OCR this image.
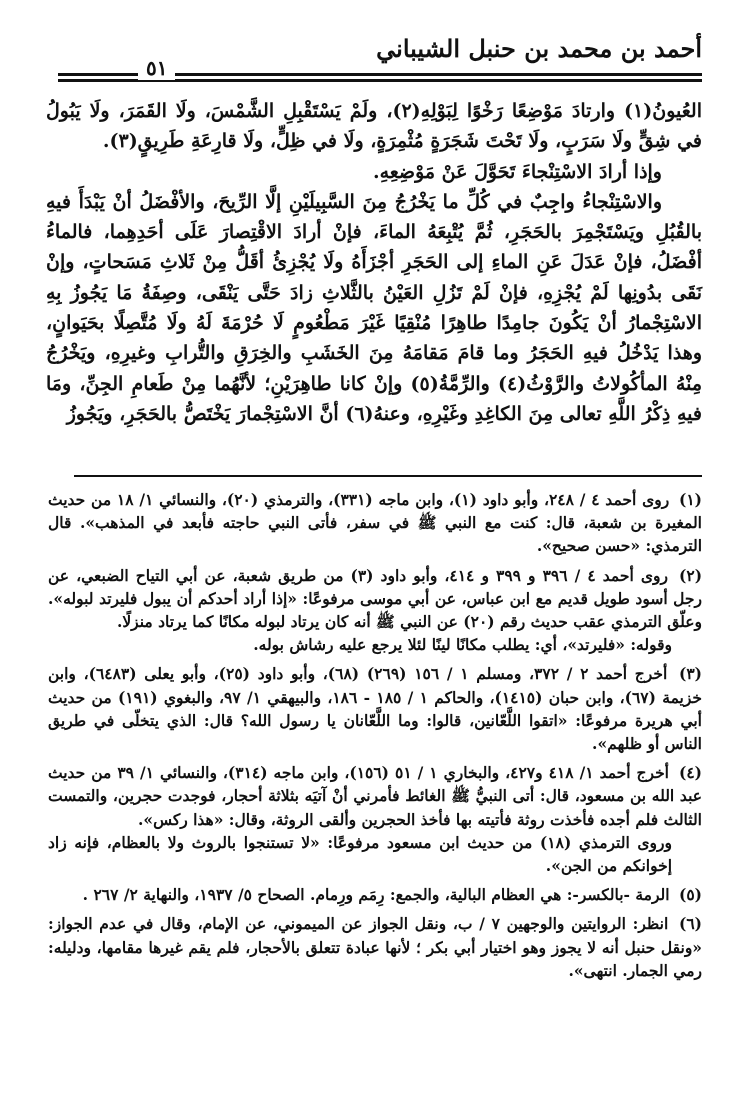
أحمد بن محمد بن حنبل الشيباني
٥١

العُيونُ(١) وارتادَ مَوْضِعًا رَخْوًا لِبَوْلِهِ(٢)، ولَمْ يَسْتَقْبِلِ الشَّمْسَ، ولَا القَمَرَ، ولَا يَبُولُ في شِقٍّ ولَا سَرَبٍ، ولَا تَحْتَ شَجَرَةٍ مُثْمِرَةٍ، ولَا في ظِلٍّ، ولَا قارِعَةِ طَرِيقٍ(٣).

وإذا أرادَ الاسْتِنْجاءَ تَحَوَّلَ عَنْ مَوْضِعِهِ.

والاسْتِنْجاءُ واجِبٌ في كُلِّ ما يَخْرُجُ مِنَ السَّبِيلَيْنِ إلَّا الرِّيحَ، والأفْضَلُ أنْ يَبْدَأَ فيهِ بالقُبُلِ ويَسْتَجْمِرَ بالحَجَرِ، ثُمَّ يُتْبِعَهُ الماءَ، فإنْ أرادَ الاقْتِصارَ عَلَى أحَدِهِما، فالماءُ أفْضَلُ، فإنْ عَدَلَ عَنِ الماءِ إلى الحَجَرِ أجْزَأَهُ ولَا يُجْزِئُ أقَلُّ مِنْ ثَلاثِ مَسَحاتٍ، وإنْ نَقَى بدُونِها لَمْ يُجْزِهِ، فإنْ لَمْ تَزُلِ العَيْنُ بالثَّلاثِ زادَ حَتَّى يَنْقَى، وصِفَةُ مَا يَجُوزُ بِهِ الاسْتِجْمارُ أنْ يَكُونَ جامِدًا طاهِرًا مُنْقِيًا غَيْرَ مَطْعُومٍ لَا حُرْمَةَ لَهُ ولَا مُتَّصِلًا بحَيَوانٍ، وهذا يَدْخُلُ فيهِ الحَجَرُ وما قامَ مَقامَهُ مِنَ الخَشَبِ والخِرَقِ والتُّرابِ وغيرِهِ، ويَخْرُجُ مِنْهُ المأكُولاتُ والرَّوْثُ(٤) والرِّمَّةُ(٥) وإنْ كانا طاهِرَيْنِ؛ لأنَّهُما مِنْ طَعامِ الجِنِّ، ومَا فيهِ ذِكْرُ اللَّهِ تعالى مِنَ الكاغِدِ وغَيْرِهِ، وعنهُ(٦) أنَّ الاسْتِجْمارَ يَخْتَصُّ بالحَجَرِ، ويَجُوزُ

(١) روى أحمد ٤ / ٢٤٨، وأبو داود (١)، وابن ماجه (٣٣١)، والترمذي (٢٠)، والنسائي ١/ ١٨ من حديث المغيرة بن شعبة، قال: كنت مع النبي ﷺ في سفر، فأتى النبي حاجته فأبعد في المذهب». قال الترمذي: «حسن صحيح».
(٢) روى أحمد ٤ / ٣٩٦ و ٣٩٩ و ٤١٤، وأبو داود (٣) من طريق شعبة، عن أبي التياح الضبعي، عن رجل أسود طويل قديم مع ابن عباس، عن أبي موسى مرفوعًا: «إذا أراد أحدكم أن يبول فليرتد لبوله». وعلّق الترمذي عقب حديث رقم (٢٠) عن النبي ﷺ أنه كان يرتاد لبوله مكانًا كما يرتاد منزلًا.

وقوله: «فليرتد»، أي: يطلب مكانًا لينًا لئلا يرجع عليه رشاش بوله.

(٣) أخرج أحمد ٢ / ٣٧٢، ومسلم ١ / ١٥٦ (٢٦٩) (٦٨)، وأبو داود (٢٥)، وأبو يعلى (٦٤٨٣)، وابن خزيمة (٦٧)، وابن حبان (١٤١٥)، والحاكم ١ / ١٨٥ - ١٨٦، والبيهقي ١/ ٩٧، والبغوي (١٩١) من حديث أبي هريرة مرفوعًا: «اتقوا اللَّعّانين، قالوا: وما اللَّعّانان يا رسول الله؟ قال: الذي يتخلّى في طريق الناس أو ظلهم».
(٤) أخرج أحمد ١/ ٤١٨ و٤٢٧، والبخاري ١ / ٥١ (١٥٦)، وابن ماجه (٣١٤)، والنسائي ١/ ٣٩ من حديث عبد الله بن مسعود، قال: أتى النبيُّ ﷺ الغائط فأمرني أنْ آتيَه بثلاثة أحجار، فوجدت حجرين، والتمست الثالث فلم أجده فأخذت روثة فأتيته بها فأخذ الحجرين وألقى الروثة، وقال: «هذا ركس».

وروى الترمذي (١٨) من حديث ابن مسعود مرفوعًا: «لا تستنجوا بالروث ولا بالعظام، فإنه زاد إخوانكم من الجن».

(٥) الرمة -بالكسر-: هي العظام البالية، والجمع: رِمَم ورِمام. الصحاح ٥/ ١٩٣٧، والنهاية ٢/ ٢٦٧ .
(٦) انظر: الروايتين والوجهين ٧ / ب، ونقل الجواز عن الميموني، عن الإمام، وقال في عدم الجواز: «ونقل حنبل أنه لا يجوز وهو اختيار أبي بكر ؛ لأنها عبادة تتعلق بالأحجار، فلم يقم غيرها مقامها، ودليله: رمي الجمار. انتهى».
